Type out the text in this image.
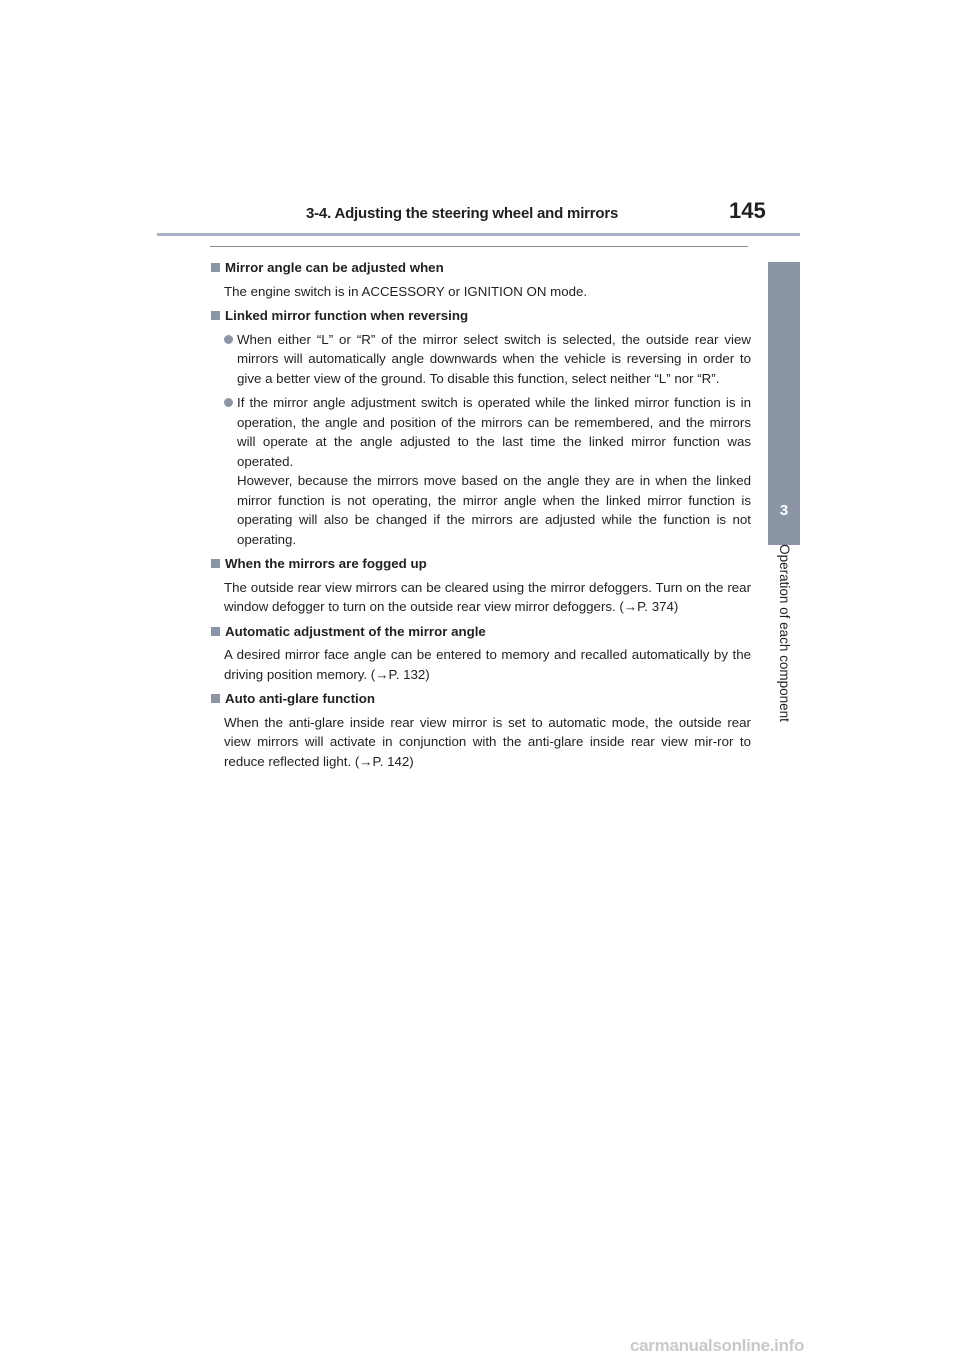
3-4. Adjusting the steering wheel and mirrors	145
3
Operation of each component
Mirror angle can be adjusted when
The engine switch is in ACCESSORY or IGNITION ON mode.
Linked mirror function when reversing
When either “L” or “R” of the mirror select switch is selected, the outside rear view mirrors will automatically angle downwards when the vehicle is reversing in order to give a better view of the ground. To disable this function, select neither “L” nor “R”.
If the mirror angle adjustment switch is operated while the linked mirror function is in operation, the angle and position of the mirrors can be remembered, and the mirrors will operate at the angle adjusted to the last time the linked mirror function was operated.
However, because the mirrors move based on the angle they are in when the linked mirror function is not operating, the mirror angle when the linked mirror function is operating will also be changed if the mirrors are adjusted while the function is not operating.
When the mirrors are fogged up
The outside rear view mirrors can be cleared using the mirror defoggers. Turn on the rear window defogger to turn on the outside rear view mirror defoggers. (→P. 374)
Automatic adjustment of the mirror angle
A desired mirror face angle can be entered to memory and recalled automatically by the driving position memory. (→P. 132)
Auto anti-glare function
When the anti-glare inside rear view mirror is set to automatic mode, the outside rear view mirrors will activate in conjunction with the anti-glare inside rear view mir-ror to reduce reflected light. (→P. 142)
carmanualsonline.info
